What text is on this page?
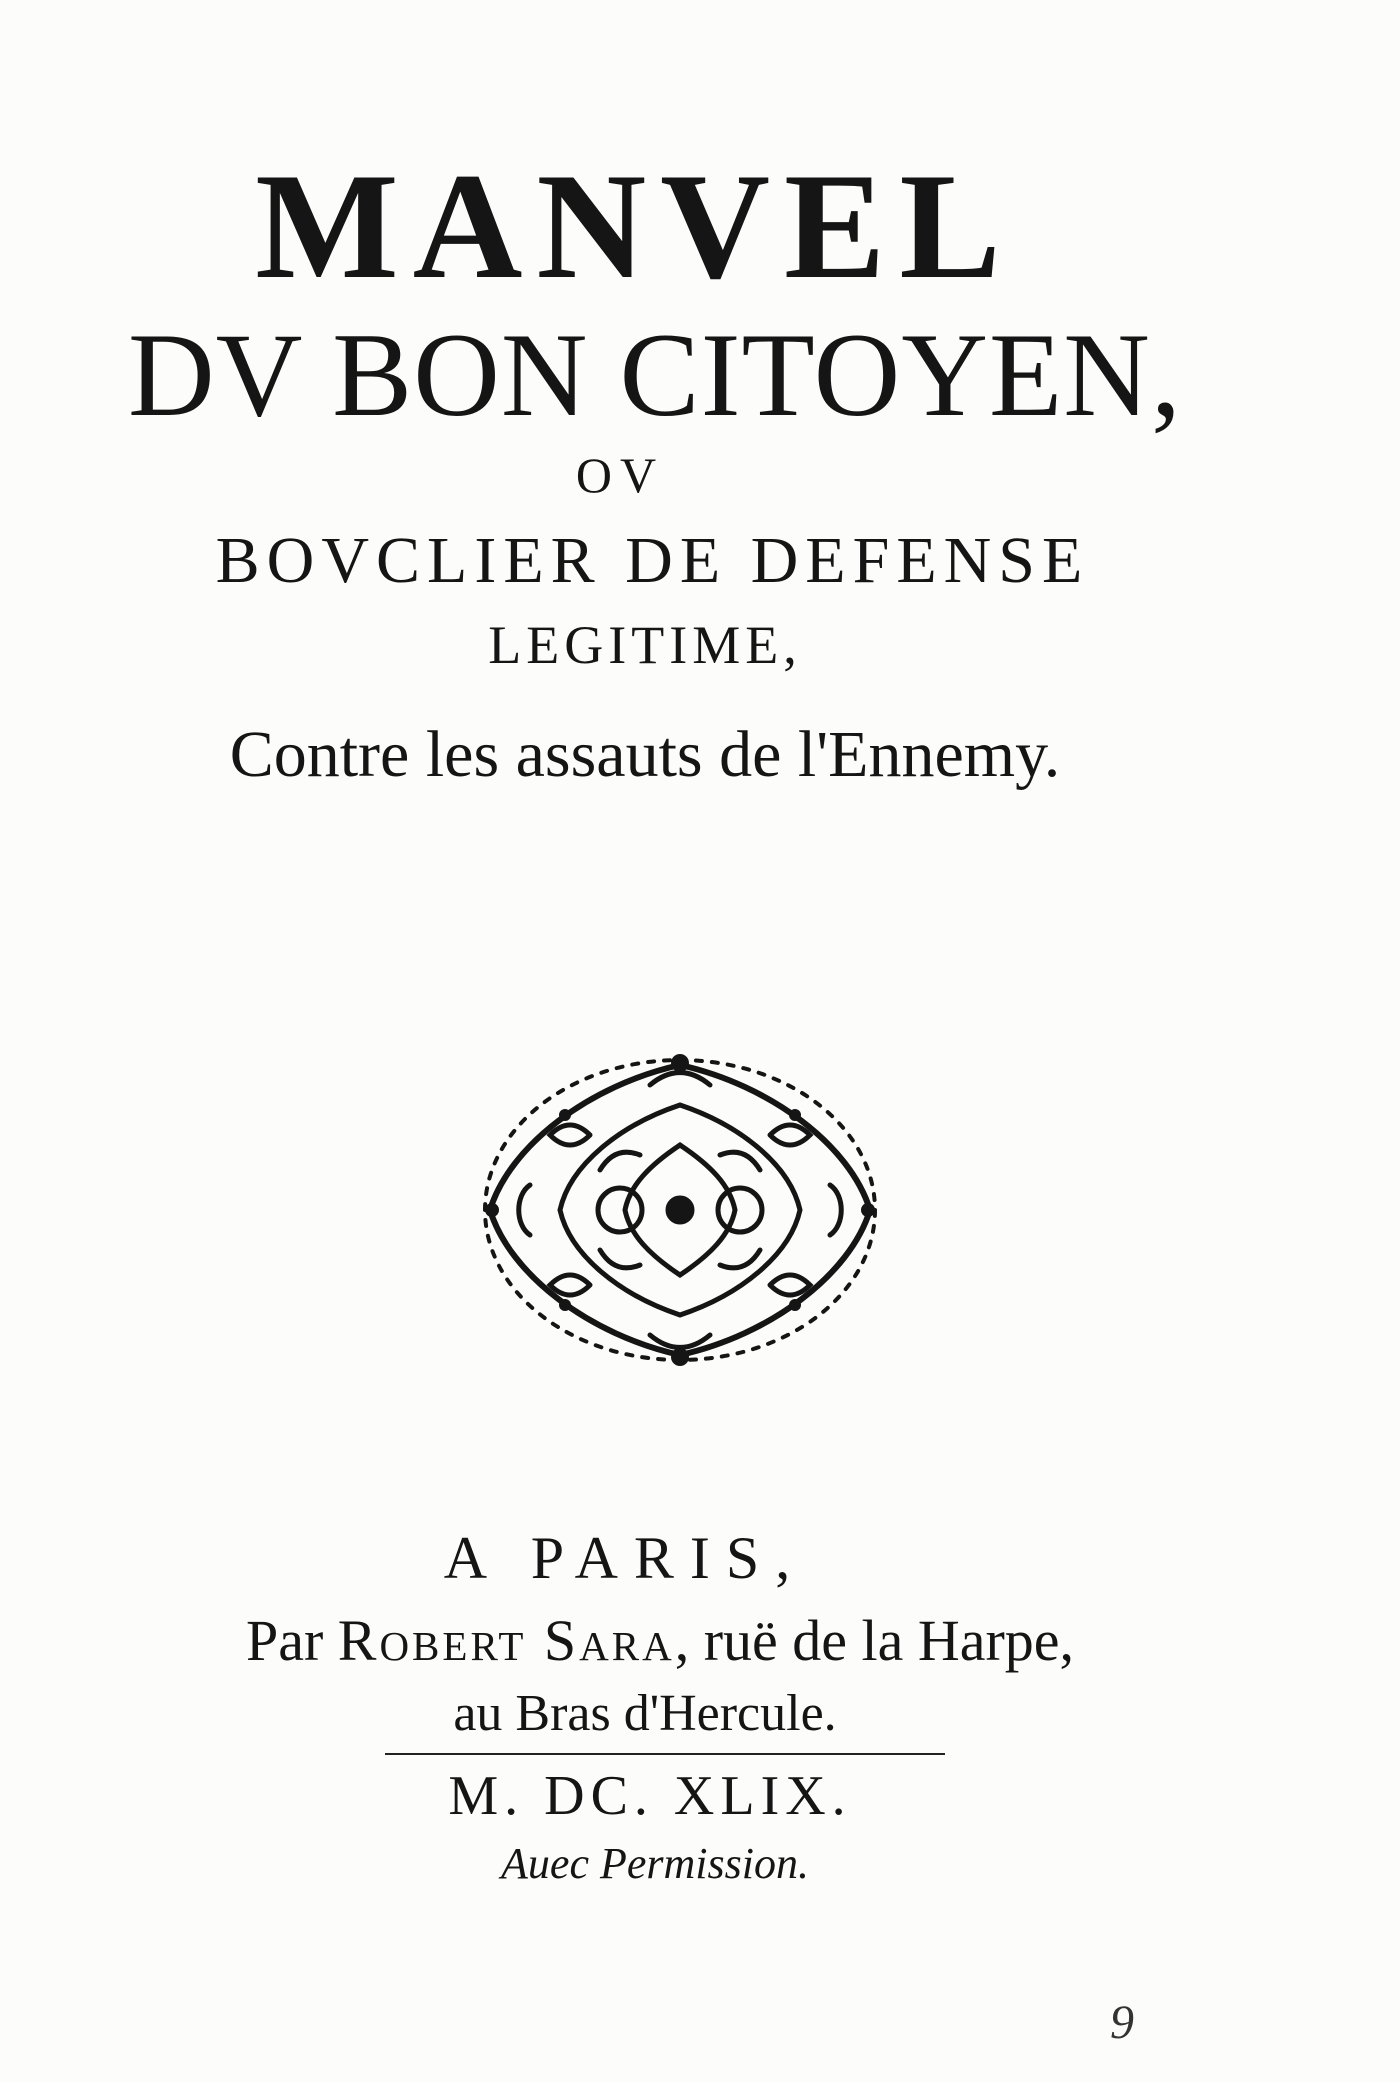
MANVEL
DV BON CITOYEN,
OV
BOVCLIER DE DEFENSE
LEGITIME,
Contre les assauts de l'Ennemy.
A PARIS,
Par Robert Sara, ruë de la Harpe,
au Bras d'Hercule.
M. DC. XLIX.
Auec Permission.
9
